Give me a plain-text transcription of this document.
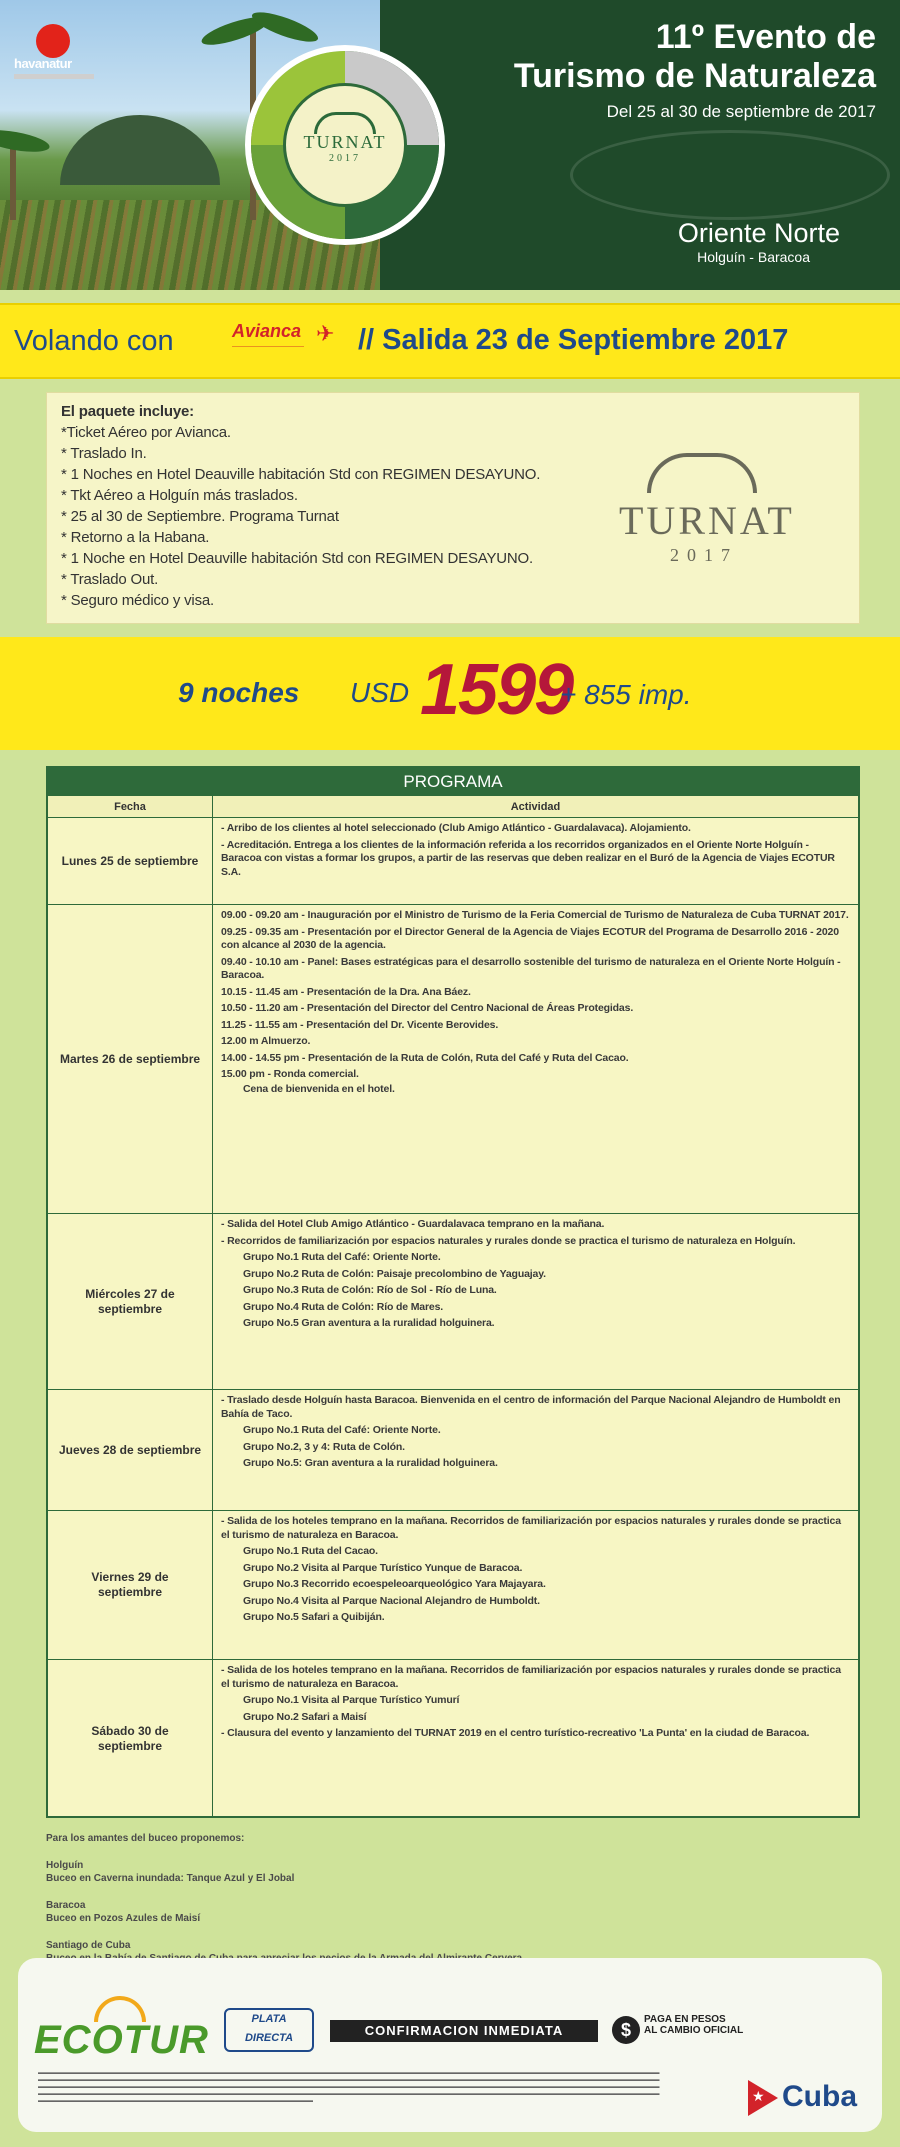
havanatur
TURNAT
2017
11º Evento de
Turismo de Naturaleza
Del 25 al 30 de septiembre de 2017
Oriente Norte
Holguín - Baracoa
Volando con	Avianca ✈
————————————	// Salida 23 de Septiembre 2017
El paquete incluye:
*Ticket Aéreo por Avianca.
* Traslado In.
* 1 Noches en Hotel Deauville habitación Std con REGIMEN DESAYUNO.
* Tkt Aéreo a Holguín más traslados.
* 25 al 30 de Septiembre. Programa Turnat
* Retorno a la Habana.
* 1 Noche en Hotel Deauville habitación Std con REGIMEN DESAYUNO.
* Traslado Out.
* Seguro médico y visa.
TURNAT
2017
9 noches USD 1599
+ 855 imp.
PROGRAMA
Fecha	Actividad
Lunes 25 de septiembre

- Arribo de los clientes al hotel seleccionado (Club Amigo Atlántico - Guardalavaca). Alojamiento.

- Acreditación. Entrega a los clientes de la información referida a los recorridos organizados en el Oriente Norte Holguín - Baracoa con vistas a formar los grupos, a partir de las reservas que deben realizar en el Buró de la Agencia de Viajes ECOTUR S.A.

Martes 26 de septiembre

09.00 - 09.20 am - Inauguración por el Ministro de Turismo de la Feria Comercial de Turismo de Naturaleza de Cuba TURNAT 2017.

09.25 - 09.35 am - Presentación por el Director General de la Agencia de Viajes ECOTUR del Programa de Desarrollo 2016 - 2020 con alcance al 2030 de la agencia.

09.40 - 10.10 am - Panel: Bases estratégicas para el desarrollo sostenible del turismo de naturaleza en el Oriente Norte Holguín - Baracoa.

10.15 - 11.45 am - Presentación de la Dra. Ana Báez.

10.50 - 11.20 am - Presentación del Director del Centro Nacional de Áreas Protegidas.

11.25 - 11.55 am - Presentación del Dr. Vicente Berovides.

12.00 m Almuerzo.

14.00 - 14.55 pm - Presentación de la Ruta de Colón, Ruta del Café y Ruta del Cacao.

15.00 pm - Ronda comercial.

Cena de bienvenida en el hotel.

Miércoles 27 de septiembre

- Salida del Hotel Club Amigo Atlántico - Guardalavaca temprano en la mañana.

- Recorridos de familiarización por espacios naturales y rurales donde se practica el turismo de naturaleza en Holguín.

Grupo No.1 Ruta del Café: Oriente Norte.

Grupo No.2 Ruta de Colón: Paisaje precolombino de Yaguajay.

Grupo No.3 Ruta de Colón: Río de Sol - Río de Luna.

Grupo No.4 Ruta de Colón: Río de Mares.

Grupo No.5 Gran aventura a la ruralidad holguinera.

Jueves 28 de septiembre

- Traslado desde Holguín hasta Baracoa. Bienvenida en el centro de información del Parque Nacional Alejandro de Humboldt en Bahía de Taco.

Grupo No.1 Ruta del Café: Oriente Norte.

Grupo No.2, 3 y 4: Ruta de Colón.

Grupo No.5: Gran aventura a la ruralidad holguinera.

Viernes 29 de septiembre

- Salida de los hoteles temprano en la mañana. Recorridos de familiarización por espacios naturales y rurales donde se practica el turismo de naturaleza en Baracoa.

Grupo No.1 Ruta del Cacao.

Grupo No.2 Visita al Parque Turístico Yunque de Baracoa.

Grupo No.3 Recorrido ecoespeleoarqueológico Yara Majayara.

Grupo No.4 Visita al Parque Nacional Alejandro de Humboldt.

Grupo No.5 Safari a Quibiján.

Sábado 30 de septiembre

- Salida de los hoteles temprano en la mañana. Recorridos de familiarización por espacios naturales y rurales donde se practica el turismo de naturaleza en Baracoa.

Grupo No.1 Visita al Parque Turístico Yumurí

Grupo No.2 Safari a Maisí

- Clausura del evento y lanzamiento del TURNAT 2019 en el centro turístico-recreativo 'La Punta' en la ciudad de Baracoa.

Para los amantes del buceo proponemos:

Holguín

Buceo en Caverna inundada: Tanque Azul y El Jobal

Baracoa

Buceo en Pozos Azules de Maisí

Santiago de Cuba

ECOTUR	PLATA
DIRECTA	CONFIRMACION INMEDIATA	$
PAGA EN PESOS
AL CAMBIO OFICIAL
▬▬▬▬▬▬▬▬▬▬▬▬▬▬▬▬▬▬▬▬▬▬▬▬▬▬▬▬▬▬▬▬▬▬▬▬▬▬▬▬▬▬▬▬▬▬▬▬▬▬▬▬▬▬▬▬▬▬▬▬▬▬▬▬▬▬▬▬▬▬▬▬▬▬▬▬▬▬▬▬▬▬▬▬▬▬▬▬▬▬▬▬▬▬▬▬▬▬▬▬▬▬▬▬▬▬▬▬▬▬▬▬▬
▬▬▬▬▬▬▬▬▬▬▬▬▬▬▬▬▬▬▬▬▬▬▬▬▬▬▬▬▬▬▬▬▬▬▬▬▬▬▬▬▬▬▬▬▬▬▬▬▬▬▬▬▬▬▬▬▬▬▬▬▬▬▬▬▬▬▬▬▬▬▬▬▬▬▬▬▬▬▬▬▬▬▬▬▬▬▬▬▬▬▬▬▬▬▬▬▬▬▬▬▬▬▬▬▬▬▬▬▬▬▬▬▬
▬▬▬▬▬▬▬▬▬▬▬▬▬▬▬▬▬▬▬▬▬▬▬▬▬▬▬▬▬▬▬▬▬▬▬▬▬▬▬▬▬▬▬▬▬▬▬▬▬▬▬▬▬▬▬▬▬▬▬▬▬▬▬▬▬▬▬▬▬▬▬▬▬▬▬▬▬▬▬▬▬▬▬▬▬▬▬▬▬▬▬▬▬▬▬▬▬▬▬▬▬▬▬▬▬▬▬▬▬▬▬▬▬
▬▬▬▬▬▬▬▬▬▬▬▬▬▬▬▬▬▬▬▬▬▬▬▬▬▬▬▬▬▬▬▬▬▬▬▬▬▬▬▬▬▬▬▬▬▬▬▬▬▬▬▬▬▬▬▬▬▬▬▬▬▬▬▬▬▬▬▬▬▬▬▬▬▬▬▬▬▬▬▬▬▬▬▬▬▬▬▬▬▬▬▬▬▬▬▬▬▬▬▬▬▬▬▬▬▬▬▬▬▬▬▬▬
▬▬▬▬▬▬▬▬▬▬▬▬▬▬▬▬▬▬▬▬▬▬▬▬▬▬▬▬▬▬▬▬▬▬▬▬▬▬▬▬▬▬▬▬▬▬▬▬▬▬	★ Cuba
